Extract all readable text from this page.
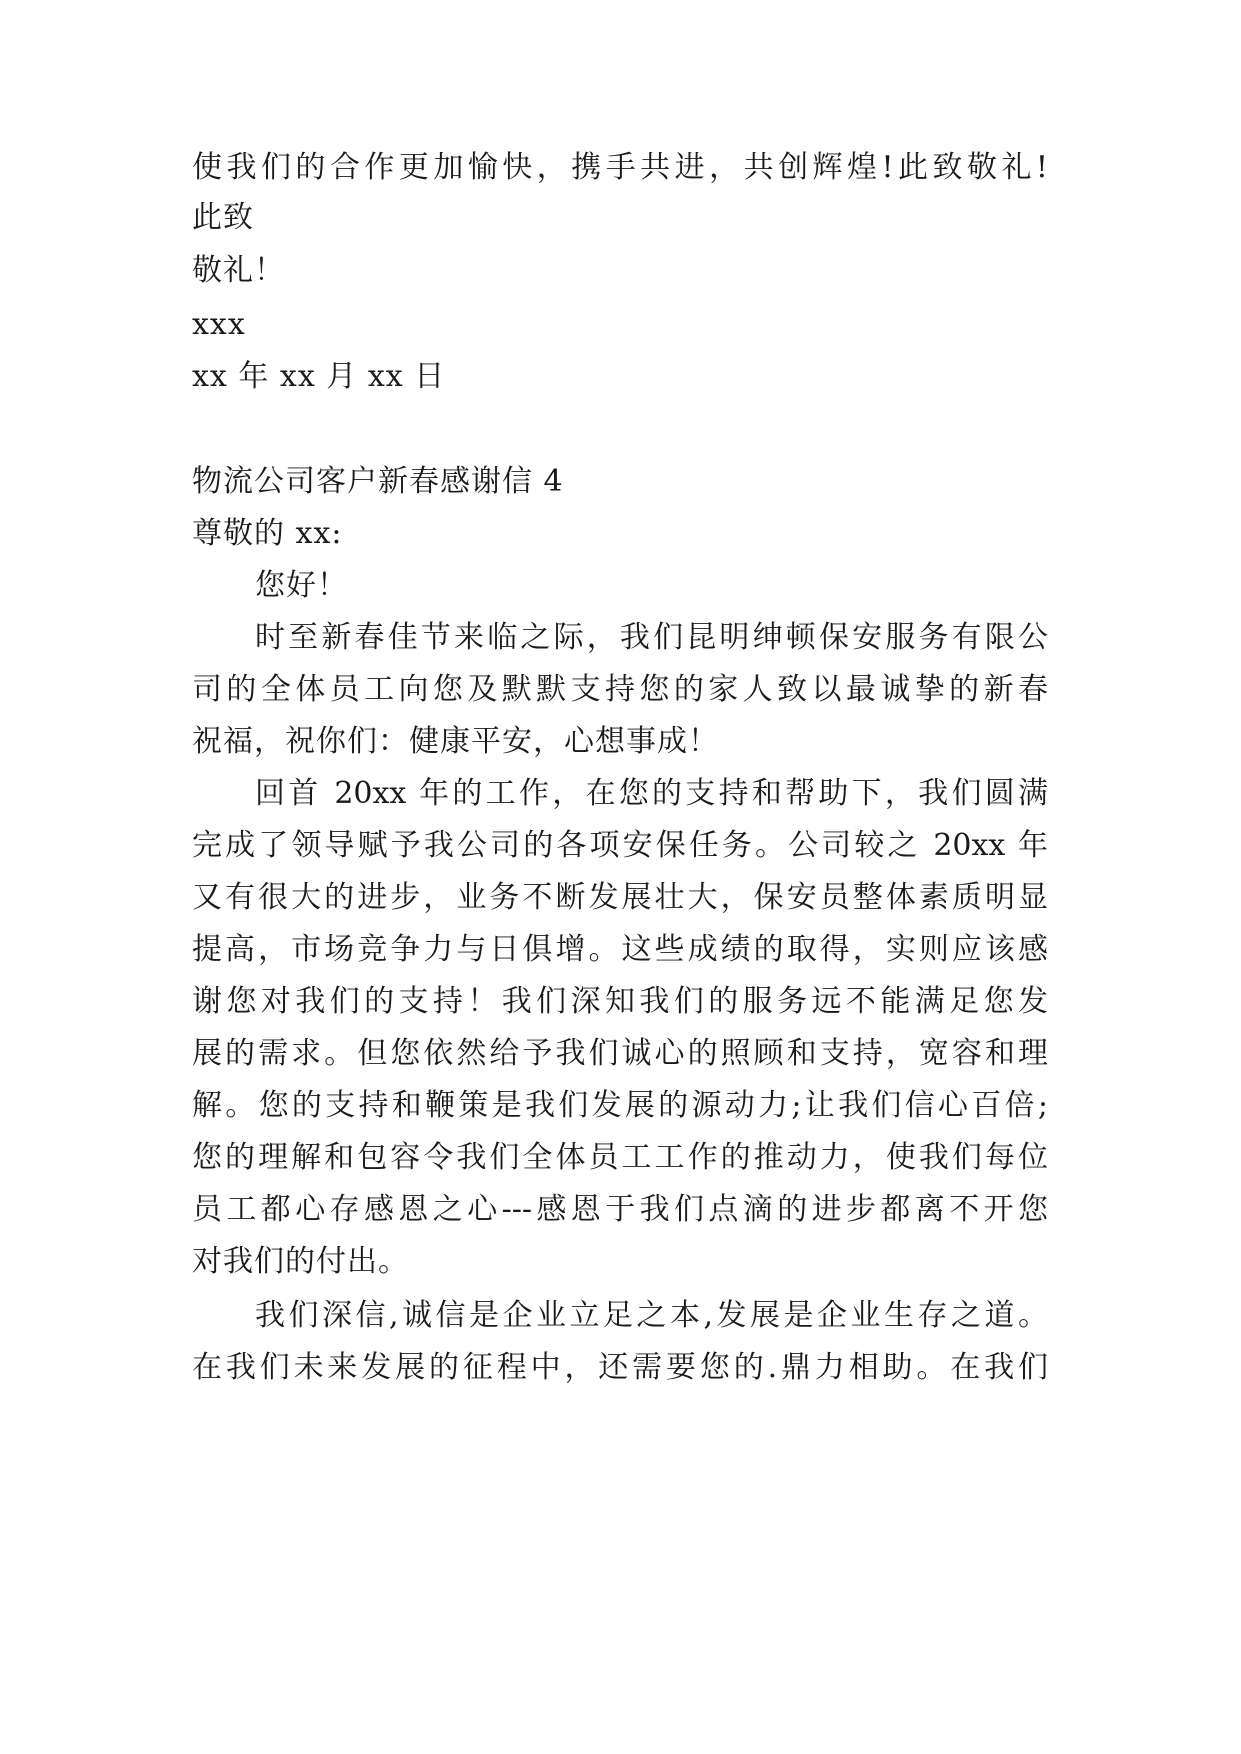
使我们的合作更加愉快，携手共进，共创辉煌!此致敬礼!

此致

敬礼！

xxx

xx 年 xx 月 xx 日

物流公司客户新春感谢信 4

尊敬的 xx:

您好！

时至新春佳节来临之际，我们昆明绅顿保安服务有限公

司的全体员工向您及默默支持您的家人致以最诚挚的新春

祝福，祝你们：健康平安，心想事成！

回首 20xx 年的工作，在您的支持和帮助下，我们圆满

完成了领导赋予我公司的各项安保任务。公司较之 20xx 年

又有很大的进步，业务不断发展壮大，保安员整体素质明显

提高，市场竞争力与日俱增。这些成绩的取得，实则应该感

谢您对我们的支持！我们深知我们的服务远不能满足您发

展的需求。但您依然给予我们诚心的照顾和支持，宽容和理

解。您的支持和鞭策是我们发展的源动力;让我们信心百倍;

您的理解和包容令我们全体员工工作的推动力，使我们每位

员工都心存感恩之心---感恩于我们点滴的进步都离不开您

对我们的付出。

我们深信,诚信是企业立足之本,发展是企业生存之道。

在我们未来发展的征程中，还需要您的.鼎力相助。在我们
